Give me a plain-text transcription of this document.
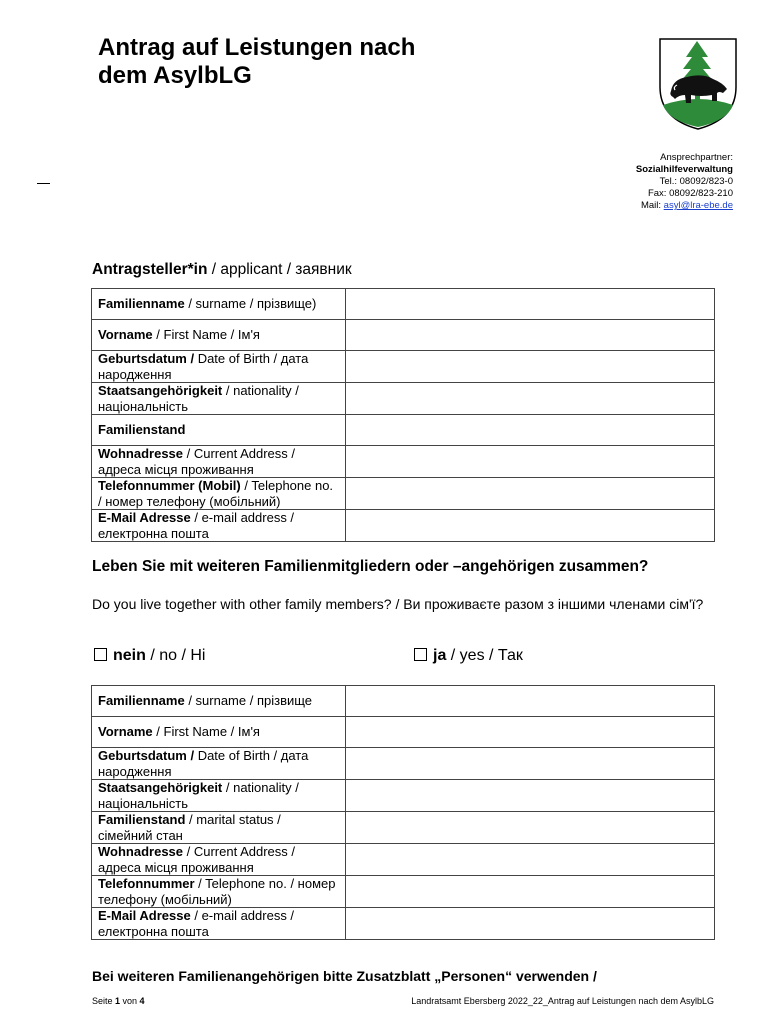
Antrag auf Leistungen nach
dem AsylbLG
Ansprechpartner:
Sozialhilfeverwaltung
Tel.: 08092/823-0
Fax: 08092/823-210
Mail: asyl@lra-ebe.de
Antragsteller*in / applicant / заявник
Familienname / surname / прізвище)	
Vorname / First Name / Ім'я	
Geburtsdatum / Date of Birth / дата народження	
Staatsangehörigkeit / nationality / національність	
Familienstand	
Wohnadresse / Current Address / адреса місця проживання	
Telefonnummer (Mobil) / Telephone no. / номер телефону (мобільний)	
E-Mail Adresse / e-mail address / електронна пошта	
Leben Sie mit weiteren Familienmitgliedern oder –angehörigen zusammen?
Do you live together with other family members? / Ви проживаєте разом з іншими членами сім'ї?
nein / no / Ні	ja / yes / Так
Familienname / surname / прізвище	
Vorname / First Name / Ім'я	
Geburtsdatum / Date of Birth / дата народження	
Staatsangehörigkeit / nationality / національність	
Familienstand / marital status / сімейний стан	
Wohnadresse / Current Address / адреса місця проживання	
Telefonnummer / Telephone no. / номер телефону (мобільний)	
E-Mail Adresse / e-mail address / електронна пошта	
Bei weiteren Familienangehörigen bitte Zusatzblatt „Personen“ verwenden /
Seite 1 von 4	Landratsamt Ebersberg 2022_22_Antrag auf Leistungen nach dem AsylbLG
